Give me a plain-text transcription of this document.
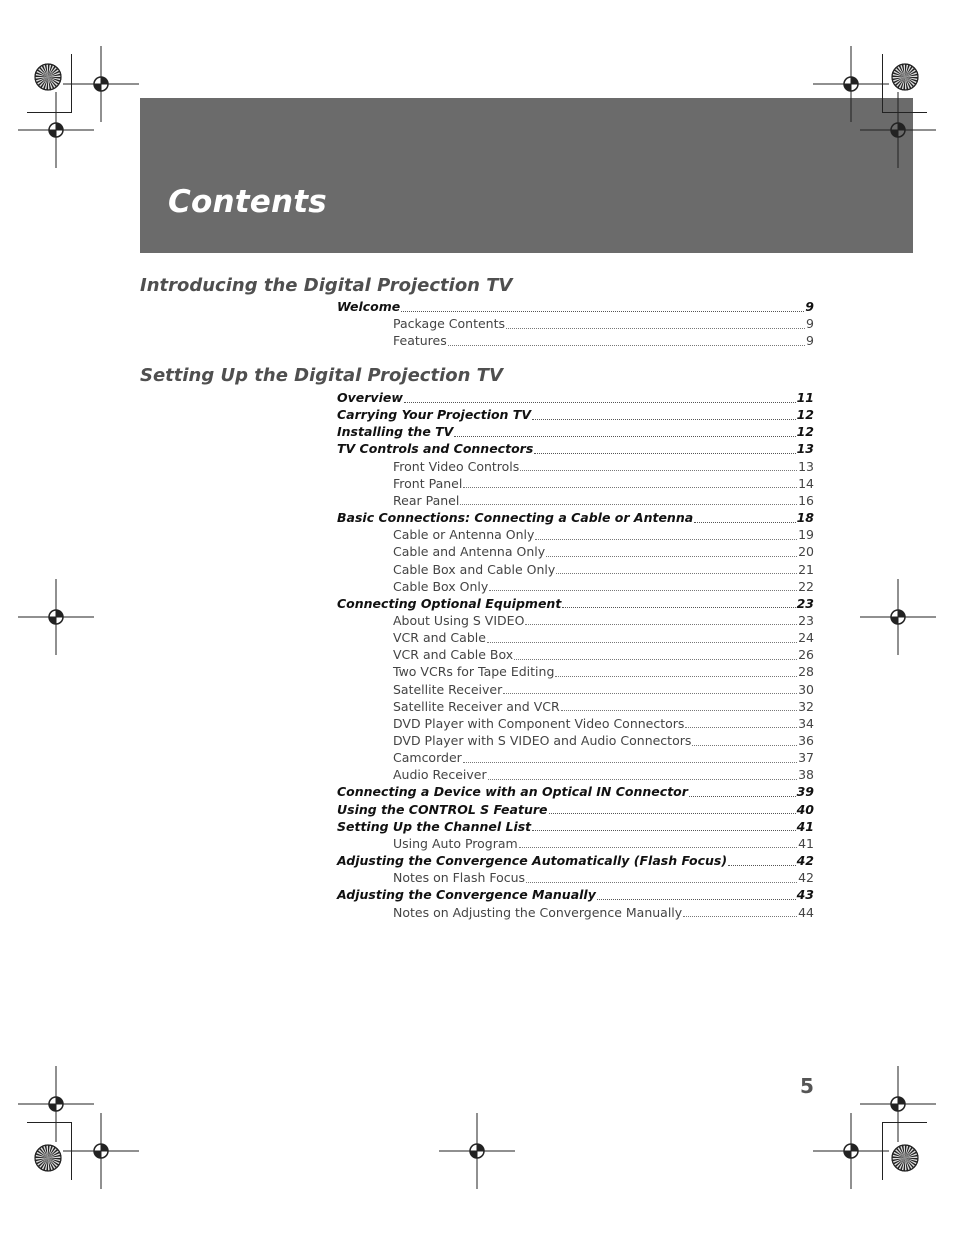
Contents
Introducing the Digital Projection TV
Setting Up the Digital Projection TV
Welcome	9
Package Contents	9
Features	9
Overview	11
Carrying Your Projection TV	12
Installing the TV	12
TV Controls and Connectors	13
Front Video Controls	13
Front Panel	14
Rear Panel	16
Basic Connections: Connecting a Cable or Antenna	18
Cable or Antenna Only	19
Cable and Antenna Only	20
Cable Box and Cable Only	21
Cable Box Only	22
Connecting Optional Equipment	23
About Using S VIDEO	23
VCR and Cable	24
VCR and Cable Box	26
Two VCRs for Tape Editing	28
Satellite Receiver	30
Satellite Receiver and VCR	32
DVD Player with Component Video Connectors	34
DVD Player with S VIDEO and Audio Connectors	36
Camcorder	37
Audio Receiver	38
Connecting a Device with an Optical IN Connector	39
Using the CONTROL S Feature	40
Setting Up the Channel List	41
Using Auto Program	41
Adjusting the Convergence Automatically (Flash Focus)	42
Notes on Flash Focus	42
Adjusting the Convergence Manually	43
Notes on Adjusting the Convergence Manually	44
5
